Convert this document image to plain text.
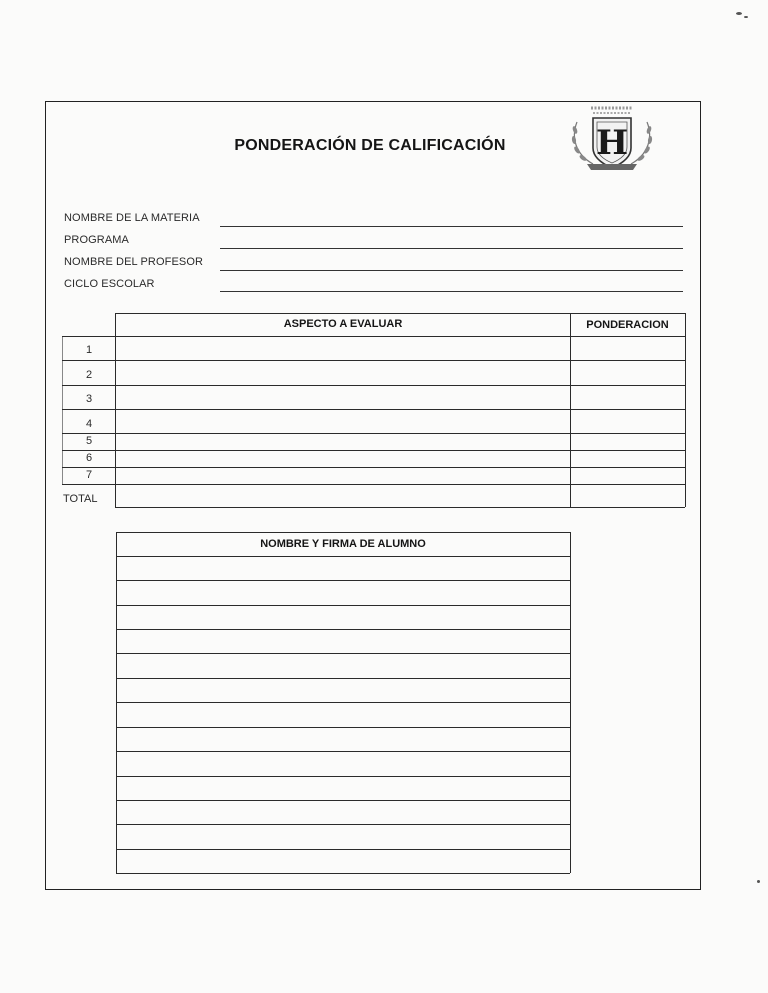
PONDERACIÓN DE CALIFICACIÓN	H
NOMBRE DE LA MATERIA
PROGRAMA
NOMBRE DEL PROFESOR
CICLO ESCOLAR
ASPECTO A EVALUAR	PONDERACION
1
2
3
4
5
6
7
TOTAL
NOMBRE Y FIRMA DE ALUMNO
